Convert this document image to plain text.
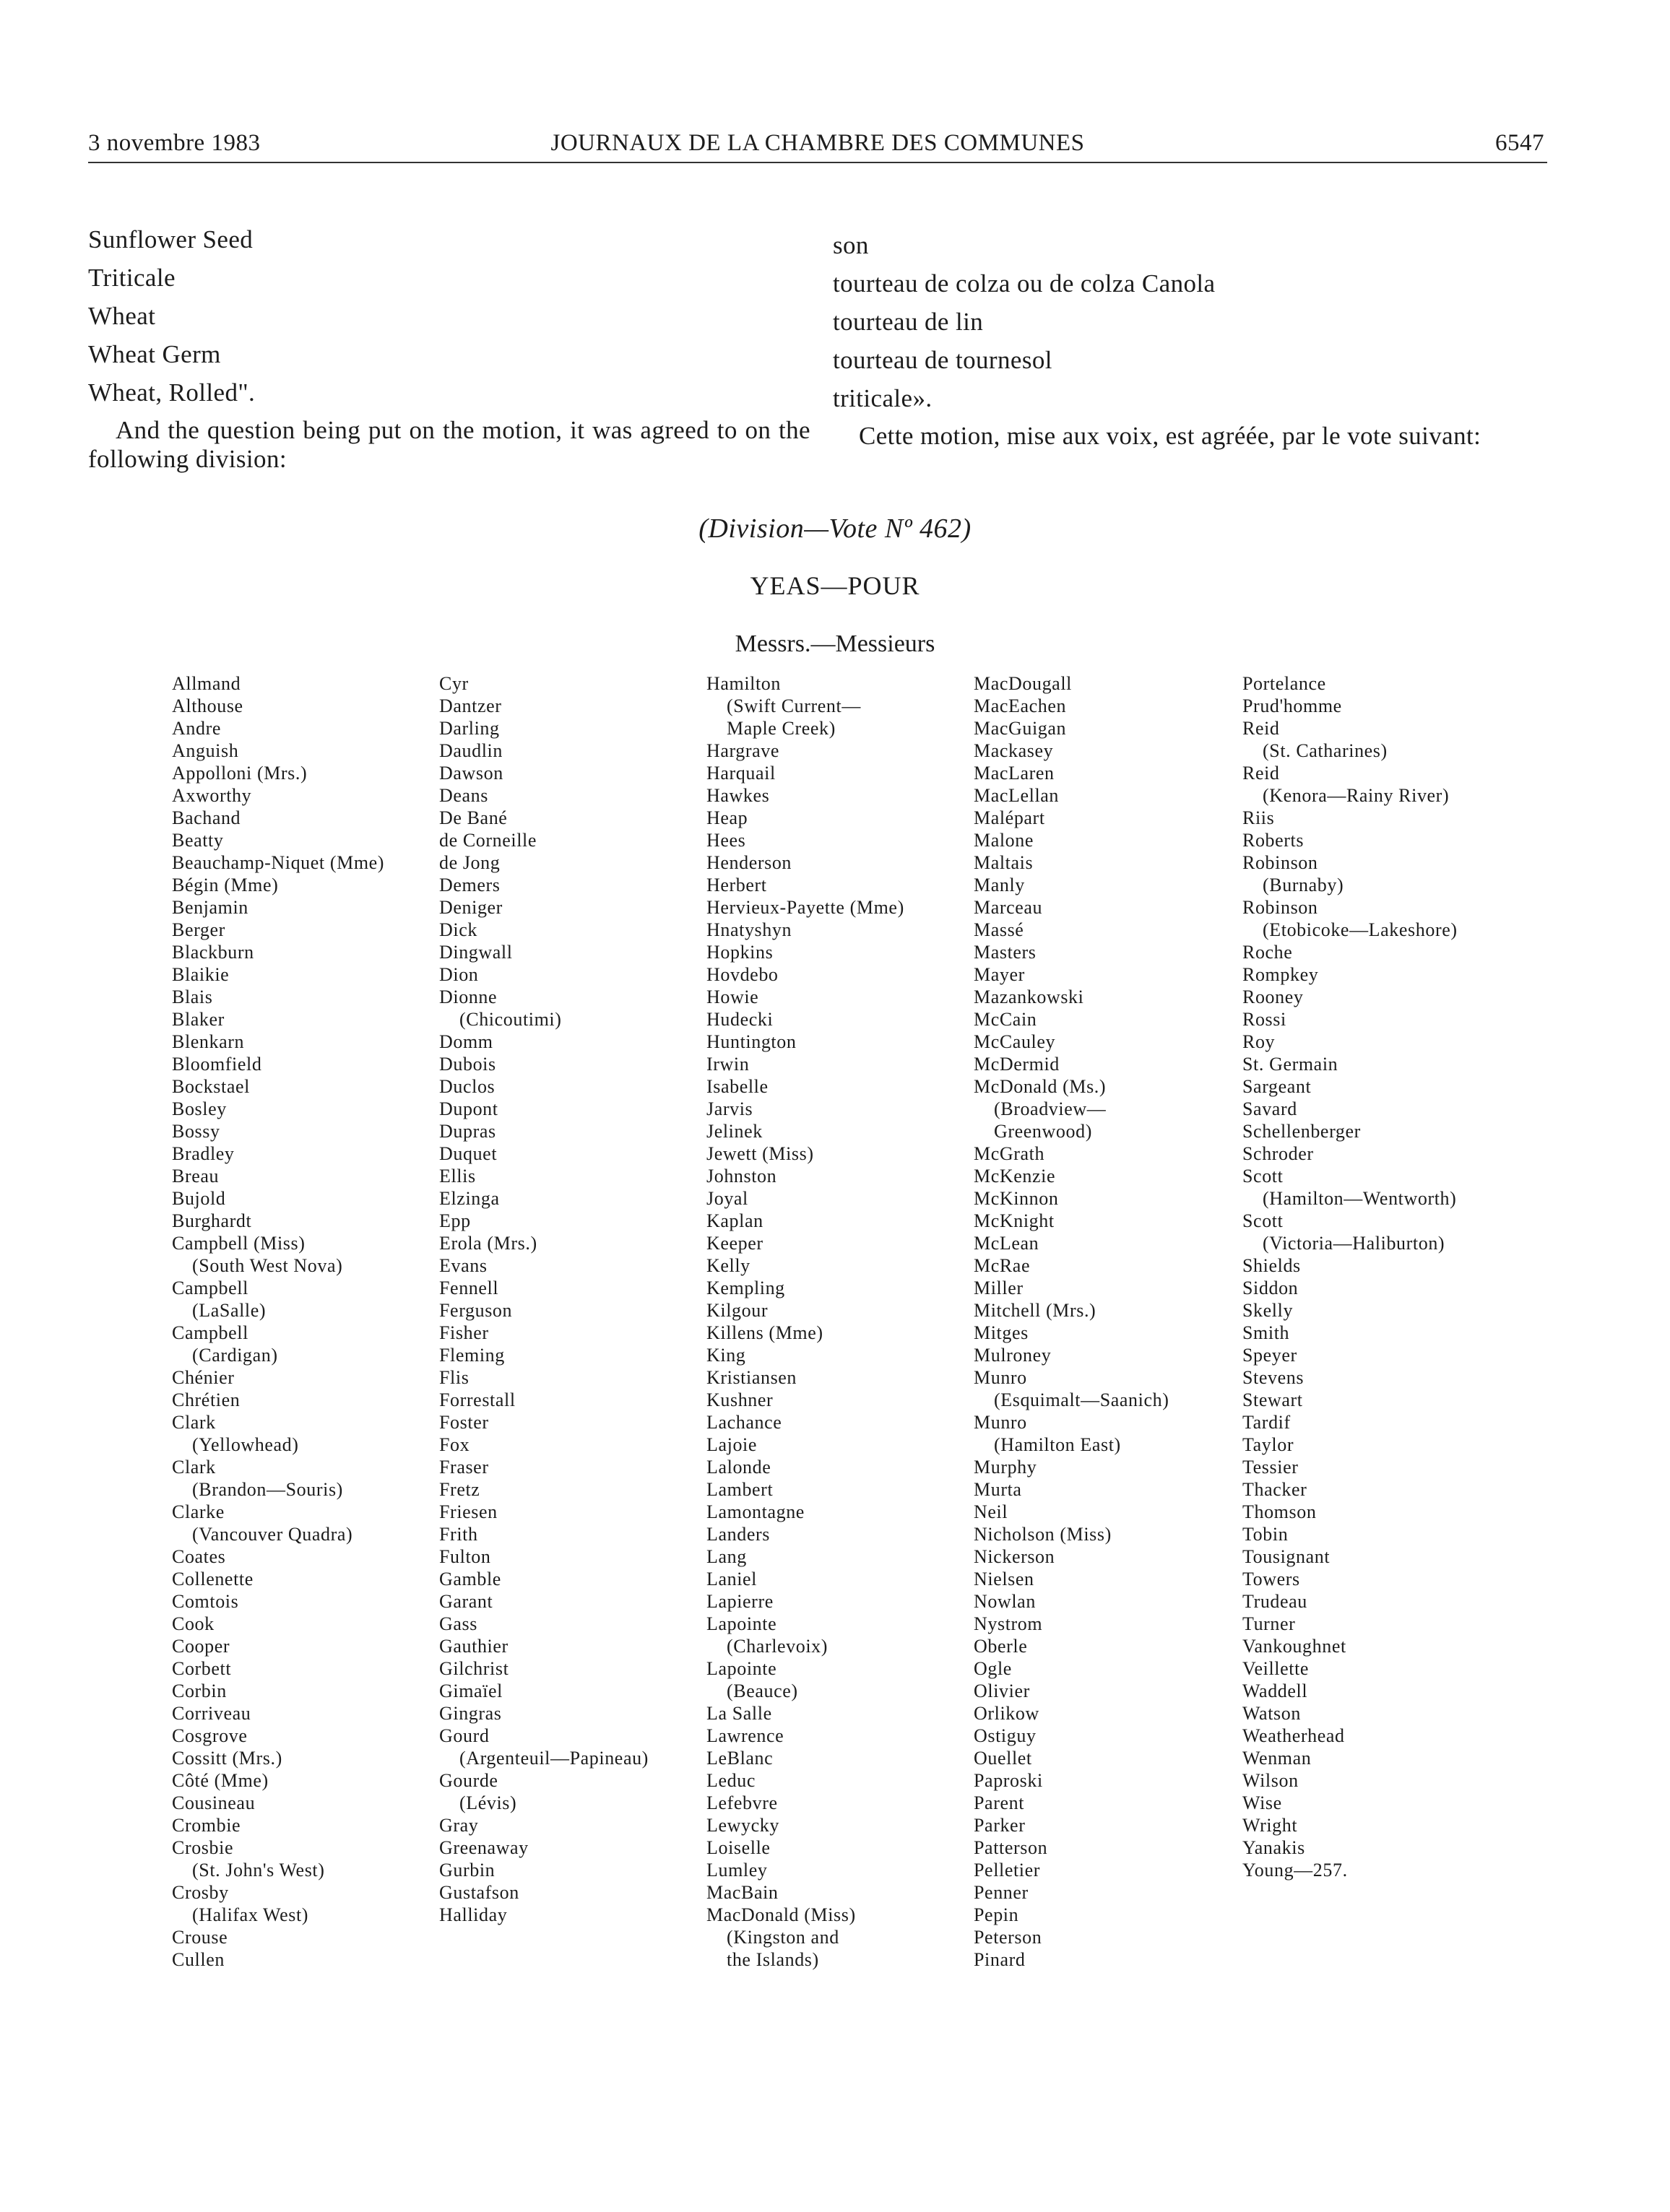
3 novembre 1983	JOURNAUX DE LA CHAMBRE DES COMMUNES	6547
Sunflower Seed
Triticale
Wheat
Wheat Germ
Wheat, Rolled".
And the question being put on the motion, it was agreed to on the following division:
son
tourteau de colza ou de colza Canola
tourteau de lin
tourteau de tournesol
triticale».
Cette motion, mise aux voix, est agréée, par le vote suivant:
(Division—Vote Nº 462)
YEAS—POUR
Messrs.—Messieurs
Allmand
Althouse
Andre
Anguish
Appolloni (Mrs.)
Axworthy
Bachand
Beatty
Beauchamp-Niquet (Mme)
Bégin (Mme)
Benjamin
Berger
Blackburn
Blaikie
Blais
Blaker
Blenkarn
Bloomfield
Bockstael
Bosley
Bossy
Bradley
Breau
Bujold
Burghardt
Campbell (Miss)
(South West Nova)
Campbell
(LaSalle)
Campbell
(Cardigan)
Chénier
Chrétien
Clark
(Yellowhead)
Clark
(Brandon—Souris)
Clarke
(Vancouver Quadra)
Coates
Collenette
Comtois
Cook
Cooper
Corbett
Corbin
Corriveau
Cosgrove
Cossitt (Mrs.)
Côté (Mme)
Cousineau
Crombie
Crosbie
(St. John's West)
Crosby
(Halifax West)
Crouse
Cullen
Cyr
Dantzer
Darling
Daudlin
Dawson
Deans
De Bané
de Corneille
de Jong
Demers
Deniger
Dick
Dingwall
Dion
Dionne
(Chicoutimi)
Domm
Dubois
Duclos
Dupont
Dupras
Duquet
Ellis
Elzinga
Epp
Erola (Mrs.)
Evans
Fennell
Ferguson
Fisher
Fleming
Flis
Forrestall
Foster
Fox
Fraser
Fretz
Friesen
Frith
Fulton
Gamble
Garant
Gass
Gauthier
Gilchrist
Gimaïel
Gingras
Gourd
(Argenteuil—Papineau)
Gourde
(Lévis)
Gray
Greenaway
Gurbin
Gustafson
Halliday
Hamilton
(Swift Current—
Maple Creek)
Hargrave
Harquail
Hawkes
Heap
Hees
Henderson
Herbert
Hervieux-Payette (Mme)
Hnatyshyn
Hopkins
Hovdebo
Howie
Hudecki
Huntington
Irwin
Isabelle
Jarvis
Jelinek
Jewett (Miss)
Johnston
Joyal
Kaplan
Keeper
Kelly
Kempling
Kilgour
Killens (Mme)
King
Kristiansen
Kushner
Lachance
Lajoie
Lalonde
Lambert
Lamontagne
Landers
Lang
Laniel
Lapierre
Lapointe
(Charlevoix)
Lapointe
(Beauce)
La Salle
Lawrence
LeBlanc
Leduc
Lefebvre
Lewycky
Loiselle
Lumley
MacBain
MacDonald (Miss)
(Kingston and
the Islands)
MacDougall
MacEachen
MacGuigan
Mackasey
MacLaren
MacLellan
Malépart
Malone
Maltais
Manly
Marceau
Massé
Masters
Mayer
Mazankowski
McCain
McCauley
McDermid
McDonald (Ms.)
(Broadview—
Greenwood)
McGrath
McKenzie
McKinnon
McKnight
McLean
McRae
Miller
Mitchell (Mrs.)
Mitges
Mulroney
Munro
(Esquimalt—Saanich)
Munro
(Hamilton East)
Murphy
Murta
Neil
Nicholson (Miss)
Nickerson
Nielsen
Nowlan
Nystrom
Oberle
Ogle
Olivier
Orlikow
Ostiguy
Ouellet
Paproski
Parent
Parker
Patterson
Pelletier
Penner
Pepin
Peterson
Pinard
Portelance
Prud'homme
Reid
(St. Catharines)
Reid
(Kenora—Rainy River)
Riis
Roberts
Robinson
(Burnaby)
Robinson
(Etobicoke—Lakeshore)
Roche
Rompkey
Rooney
Rossi
Roy
St. Germain
Sargeant
Savard
Schellenberger
Schroder
Scott
(Hamilton—Wentworth)
Scott
(Victoria—Haliburton)
Shields
Siddon
Skelly
Smith
Speyer
Stevens
Stewart
Tardif
Taylor
Tessier
Thacker
Thomson
Tobin
Tousignant
Towers
Trudeau
Turner
Vankoughnet
Veillette
Waddell
Watson
Weatherhead
Wenman
Wilson
Wise
Wright
Yanakis
Young—257.
